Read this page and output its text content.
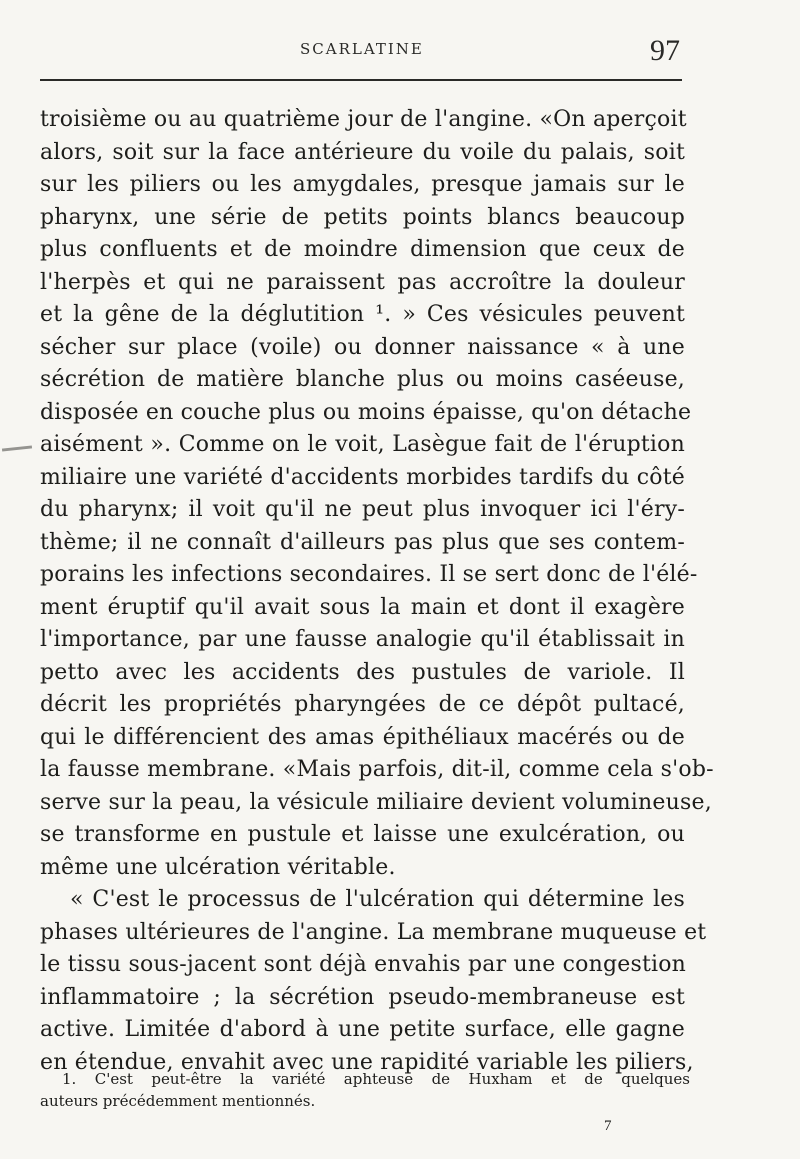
SCARLATINE	97
troisième ou au quatrième jour de l'angine. «On aperçoit
alors, soit sur la face antérieure du voile du palais, soit
sur les piliers ou les amygdales, presque jamais sur le
pharynx, une série de petits points blancs beaucoup
plus confluents et de moindre dimension que ceux de
l'herpès et qui ne paraissent pas accroître la douleur
et la gêne de la déglutition ¹. » Ces vésicules peuvent
sécher sur place (voile) ou donner naissance « à une
sécrétion de matière blanche plus ou moins caséeuse,
disposée en couche plus ou moins épaisse, qu'on détache
aisément ». Comme on le voit, Lasègue fait de l'éruption
miliaire une variété d'accidents morbides tardifs du côté
du pharynx; il voit qu'il ne peut plus invoquer ici l'éry-
thème; il ne connaît d'ailleurs pas plus que ses contem-
porains les infections secondaires. Il se sert donc de l'élé-
ment éruptif qu'il avait sous la main et dont il exagère
l'importance, par une fausse analogie qu'il établissait in
petto avec les accidents des pustules de variole. Il
décrit les propriétés pharyngées de ce dépôt pultacé,
qui le différencient des amas épithéliaux macérés ou de
la fausse membrane. «Mais parfois, dit-il, comme cela s'ob-
serve sur la peau, la vésicule miliaire devient volumineuse,
se transforme en pustule et laisse une exulcération, ou
même une ulcération véritable.
« C'est le processus de l'ulcération qui détermine les
phases ultérieures de l'angine. La membrane muqueuse et
le tissu sous-jacent sont déjà envahis par une congestion
inflammatoire ; la sécrétion pseudo-membraneuse est
active. Limitée d'abord à une petite surface, elle gagne
en étendue, envahit avec une rapidité variable les piliers,
1. C'est peut-être la variété aphteuse de Huxham et de quelques
auteurs précédemment mentionnés.
7
